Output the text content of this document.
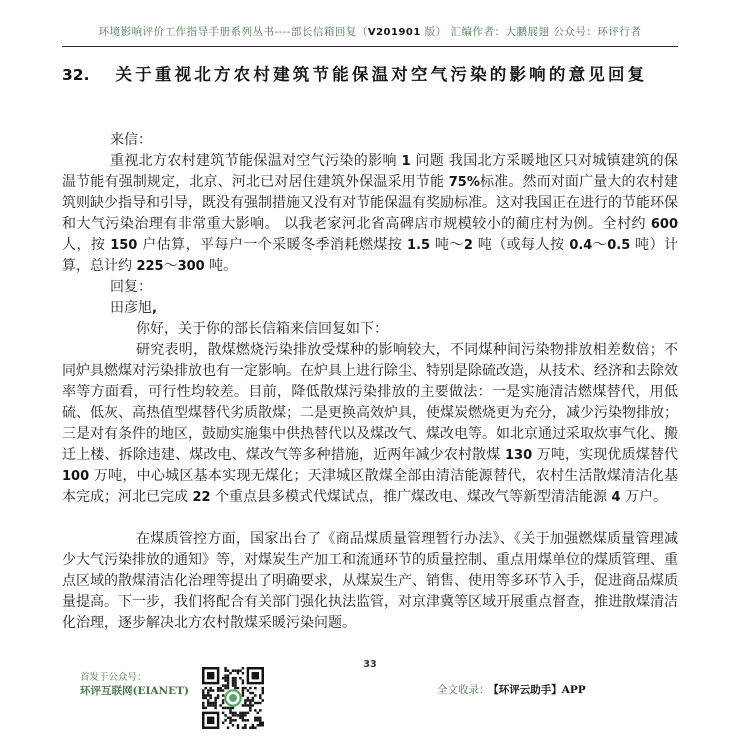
环境影响评价工作指导手册系列丛书----部长信箱回复（V201901 版） 汇编作者：大鹏展翅 公众号：环评行者
32. 关于重视北方农村建筑节能保温对空气污染的影响的意见回复

来信：

重视北方农村建筑节能保温对空气污染的影响 1 问题 我国北方采暖地区只对城镇建筑的保温节能有强制规定，北京、河北已对居住建筑外保温采用节能 75%标准。然而对面广量大的农村建筑则缺少指导和引导，既没有强制措施又没有对节能保温有奖励标准。这对我国正在进行的节能环保和大气污染治理有非常重大影响。 以我老家河北省高碑店市规模较小的蔺庄村为例。全村约 600 人，按 150 户估算，平每户一个采暖冬季消耗燃煤按 1.5 吨～2 吨（或每人按 0.4～0.5 吨）计算，总计约 225～300 吨。

回复：

田彦旭,

你好，关于你的部长信箱来信回复如下：

研究表明，散煤燃烧污染排放受煤种的影响较大，不同煤种间污染物排放相差数倍；不同炉具燃煤对污染排放也有一定影响。在炉具上进行除尘、特别是除硫改造，从技术、经济和去除效率等方面看，可行性均较差。目前，降低散煤污染排放的主要做法：一是实施清洁燃煤替代，用低硫、低灰、高热值型煤替代劣质散煤；二是更换高效炉具，使煤炭燃烧更为充分，减少污染物排放；三是对有条件的地区，鼓励实施集中供热替代以及煤改气、煤改电等。如北京通过采取炊事气化、搬迁上楼、拆除违建、煤改电、煤改气等多种措施，近两年减少农村散煤 130 万吨，实现优质煤替代 100 万吨，中心城区基本实现无煤化；天津城区散煤全部由清洁能源替代，农村生活散煤清洁化基本完成；河北已完成 22 个重点县多模式代煤试点，推广煤改电、煤改气等新型清洁能源 4 万户。

在煤质管控方面，国家出台了《商品煤质量管理暂行办法》、《关于加强燃煤质量管理减少大气污染排放的通知》等，对煤炭生产加工和流通环节的质量控制、重点用煤单位的煤质管理、重点区域的散煤清洁化治理等提出了明确要求，从煤炭生产、销售、使用等多环节入手，促进商品煤质量提高。下一步，我们将配合有关部门强化执法监管，对京津冀等区域开展重点督查，推进散煤清洁化治理，逐步解决北方农村散煤采暖污染问题。

33
首发于公众号：
环评互联网(EIANET)	全文收录： 【环评云助手】APP
